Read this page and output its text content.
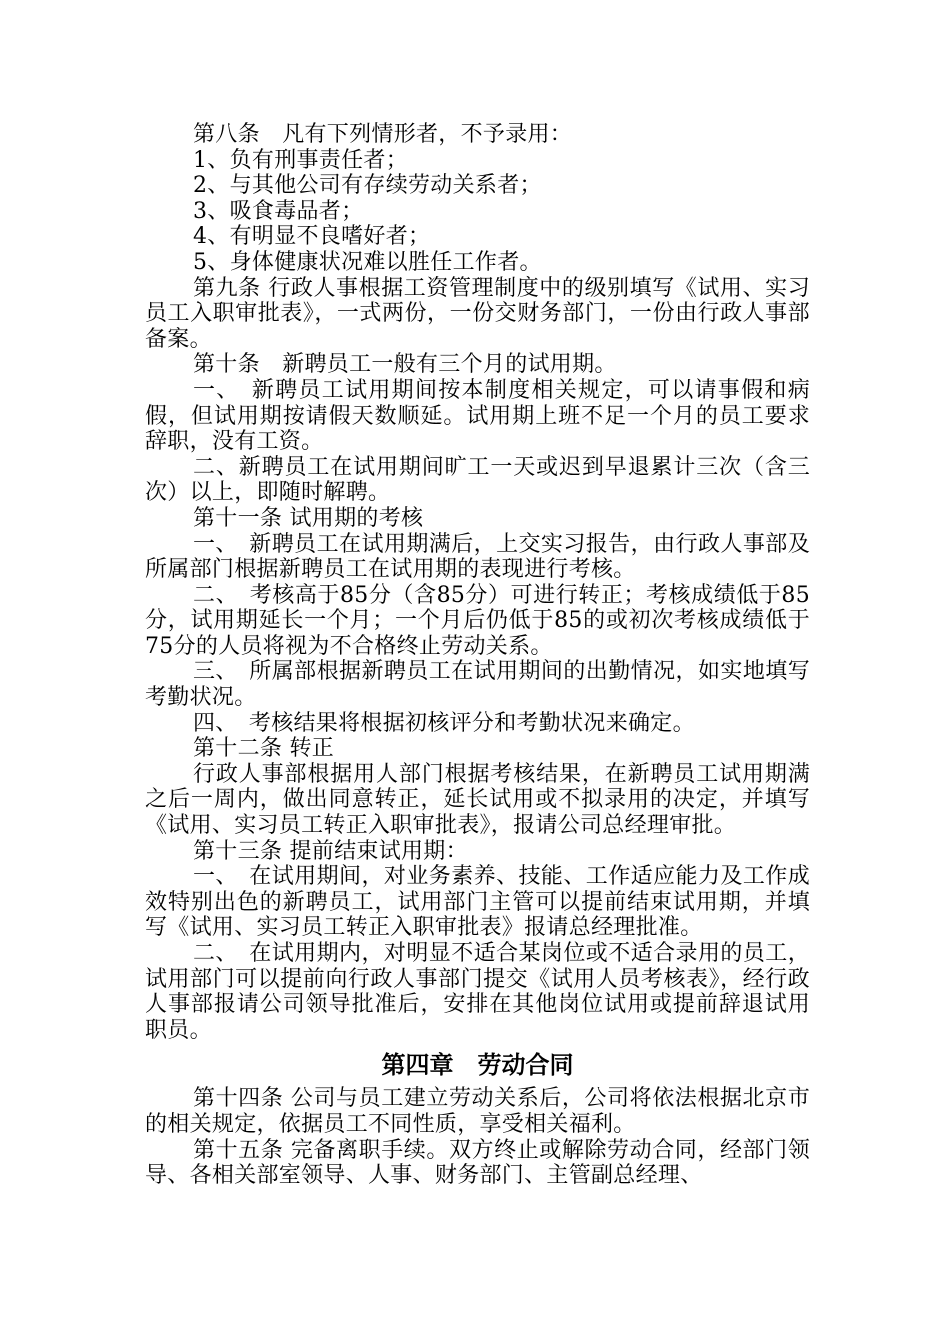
第八条　凡有下列情形者，不予录用：

1、负有刑事责任者；

2、与其他公司有存续劳动关系者；

3、吸食毒品者；

4、有明显不良嗜好者；

5、身体健康状况难以胜任工作者。

第九条 行政人事根据工资管理制度中的级别填写《试用、实习员工入职审批表》，一式两份，一份交财务部门，一份由行政人事部备案。

第十条　新聘员工一般有三个月的试用期。

一、　新聘员工试用期间按本制度相关规定，可以请事假和病假，但试用期按请假天数顺延。试用期上班不足一个月的员工要求辞职，没有工资。

二、新聘员工在试用期间旷工一天或迟到早退累计三次（含三次）以上，即随时解聘。

第十一条 试用期的考核

一、　新聘员工在试用期满后，上交实习报告，由行政人事部及所属部门根据新聘员工在试用期的表现进行考核。

二、　考核高于85分（含85分）可进行转正；考核成绩低于85分，试用期延长一个月；一个月后仍低于85的或初次考核成绩低于75分的人员将视为不合格终止劳动关系。

三、　所属部根据新聘员工在试用期间的出勤情况，如实地填写考勤状况。

四、　考核结果将根据初核评分和考勤状况来确定。

第十二条 转正

行政人事部根据用人部门根据考核结果，在新聘员工试用期满之后一周内，做出同意转正，延长试用或不拟录用的决定，并填写《试用、实习员工转正入职审批表》，报请公司总经理审批。

第十三条 提前结束试用期：

一、　在试用期间，对业务素养、技能、工作适应能力及工作成效特别出色的新聘员工，试用部门主管可以提前结束试用期，并填写《试用、实习员工转正入职审批表》报请总经理批准。

二、　在试用期内，对明显不适合某岗位或不适合录用的员工，试用部门可以提前向行政人事部门提交《试用人员考核表》，经行政人事部报请公司领导批准后，安排在其他岗位试用或提前辞退试用职员。

第四章　劳动合同

第十四条 公司与员工建立劳动关系后，公司将依法根据北京市的相关规定，依据员工不同性质，享受相关福利。

第十五条 完备离职手续。双方终止或解除劳动合同，经部门领导、各相关部室领导、人事、财务部门、主管副总经理、
